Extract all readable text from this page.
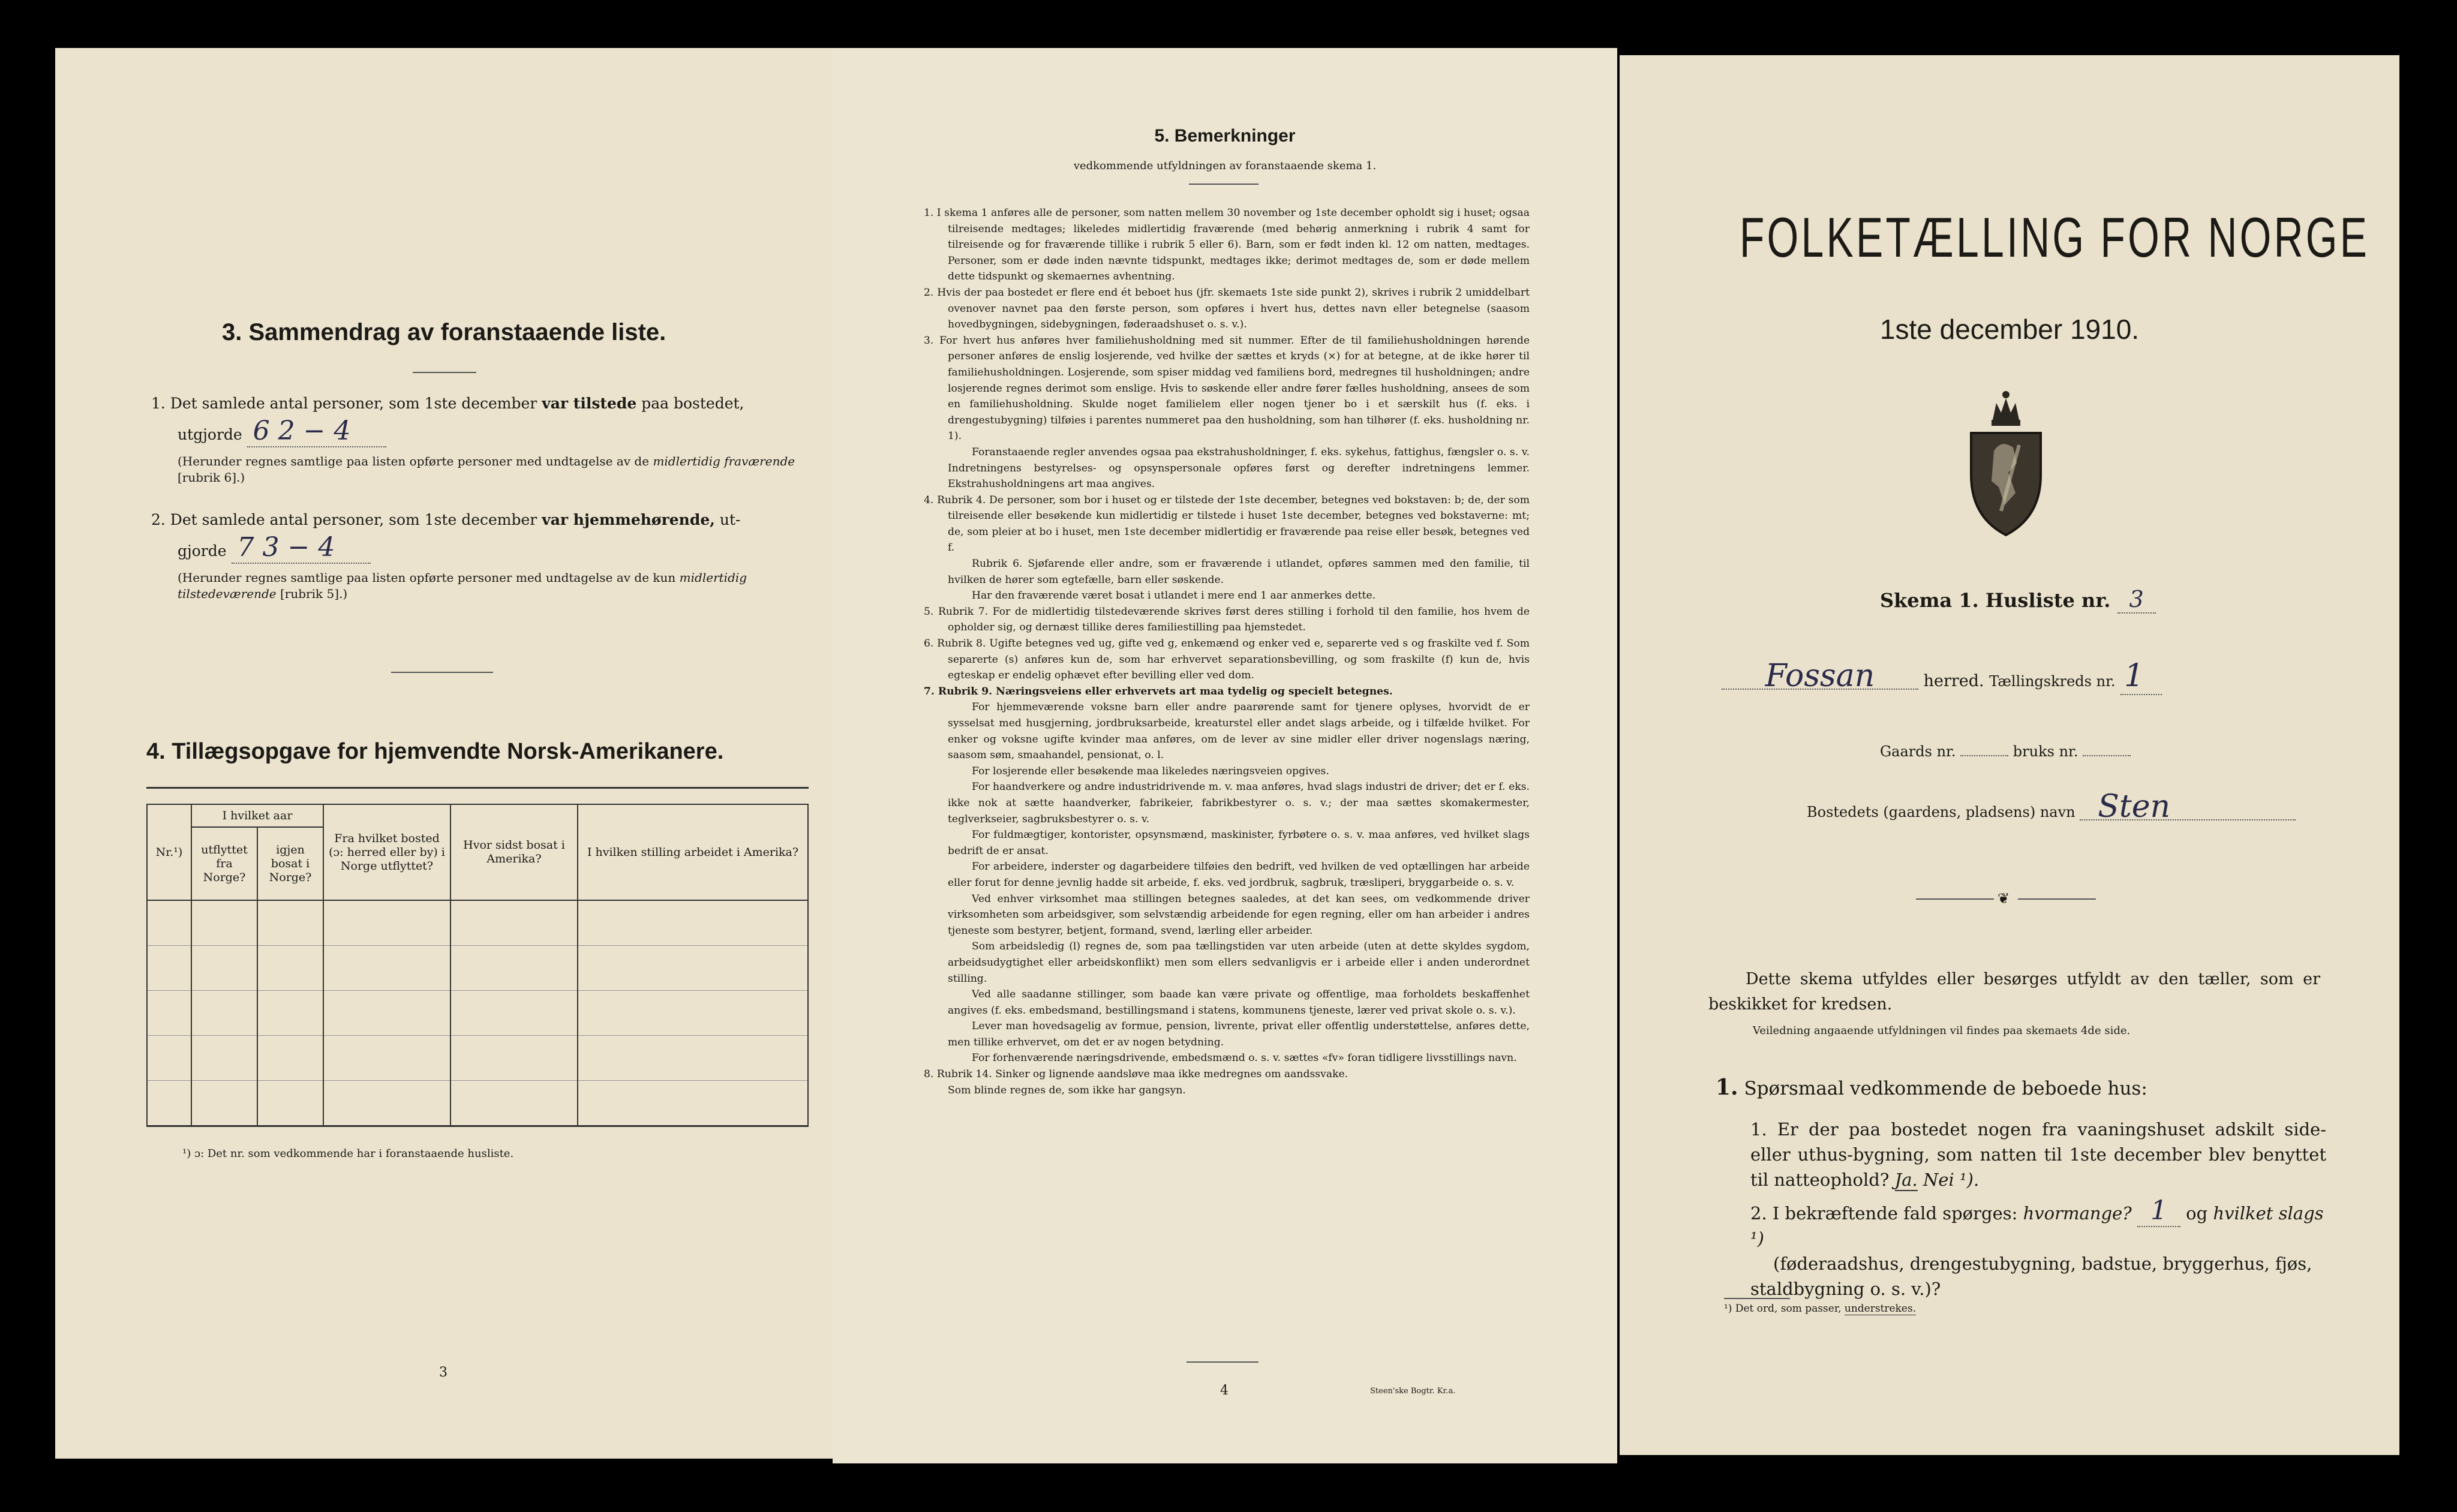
3. Sammendrag av foranstaaende liste.
1. Det samlede antal personer, som 1ste december var tilstede paa bostedet,
utgjorde 6 2 − 4
(Herunder regnes samtlige paa listen opførte personer med undtagelse av de midlertidig fraværende [rubrik 6].)
2. Det samlede antal personer, som 1ste december var hjemmehørende, ut-
gjorde 7 3 − 4
(Herunder regnes samtlige paa listen opførte personer med undtagelse av de kun midlertidig tilstedeværende [rubrik 5].)
4. Tillægsopgave for hjemvendte Norsk-Amerikanere.
Nr.¹)	I hvilket aar		Fra hvilket bosted (ɔ: herred eller by) i Norge utflyttet?	Hvor sidst bosat i Amerika?	I hvilken stilling arbeidet i Amerika?
	utflyttet fra Norge?	igjen bosat i Norge?			

¹) ɔ: Det nr. som vedkommende har i foranstaaende husliste.
3
5. Bemerkninger
vedkommende utfyldningen av foranstaaende skema 1.

1. I skema 1 anføres alle de personer, som natten mellem 30 november og 1ste december opholdt sig i huset; ogsaa tilreisende medtages; likeledes midlertidig fraværende (med behørig anmerkning i rubrik 4 samt for tilreisende og for fraværende tillike i rubrik 5 eller 6). Barn, som er født inden kl. 12 om natten, medtages. Personer, som er døde inden nævnte tidspunkt, medtages ikke; derimot medtages de, som er døde mellem dette tidspunkt og skemaernes avhentning.

2. Hvis der paa bostedet er flere end ét beboet hus (jfr. skemaets 1ste side punkt 2), skrives i rubrik 2 umiddelbart ovenover navnet paa den første person, som opføres i hvert hus, dettes navn eller betegnelse (saasom hovedbygningen, sidebygningen, føderaadshuset o. s. v.).

3. For hvert hus anføres hver familiehusholdning med sit nummer. Efter de til familiehusholdningen hørende personer anføres de enslig losjerende, ved hvilke der sættes et kryds (×) for at betegne, at de ikke hører til familiehusholdningen. Losjerende, som spiser middag ved familiens bord, medregnes til husholdningen; andre losjerende regnes derimot som enslige. Hvis to søskende eller andre fører fælles husholdning, ansees de som en familiehusholdning. Skulde noget familielem eller nogen tjener bo i et særskilt hus (f. eks. i drengestubygning) tilføies i parentes nummeret paa den husholdning, som han tilhører (f. eks. husholdning nr. 1).

Foranstaaende regler anvendes ogsaa paa ekstrahusholdninger, f. eks. sykehus, fattighus, fængsler o. s. v. Indretningens bestyrelses- og opsynspersonale opføres først og derefter indretningens lemmer. Ekstrahusholdningens art maa angives.

4. Rubrik 4. De personer, som bor i huset og er tilstede der 1ste december, betegnes ved bokstaven: b; de, der som tilreisende eller besøkende kun midlertidig er tilstede i huset 1ste december, betegnes ved bokstaverne: mt; de, som pleier at bo i huset, men 1ste december midlertidig er fraværende paa reise eller besøk, betegnes ved f.

Rubrik 6. Sjøfarende eller andre, som er fraværende i utlandet, opføres sammen med den familie, til hvilken de hører som egtefælle, barn eller søskende.

Har den fraværende været bosat i utlandet i mere end 1 aar anmerkes dette.

5. Rubrik 7. For de midlertidig tilstedeværende skrives først deres stilling i forhold til den familie, hos hvem de opholder sig, og dernæst tillike deres familiestilling paa hjemstedet.

6. Rubrik 8. Ugifte betegnes ved ug, gifte ved g, enkemænd og enker ved e, separerte ved s og fraskilte ved f. Som separerte (s) anføres kun de, som har erhvervet separationsbevilling, og som fraskilte (f) kun de, hvis egteskap er endelig ophævet efter bevilling eller ved dom.

7. Rubrik 9. Næringsveiens eller erhvervets art maa tydelig og specielt betegnes.

For hjemmeværende voksne barn eller andre paarørende samt for tjenere oplyses, hvorvidt de er sysselsat med husgjerning, jordbruksarbeide, kreaturstel eller andet slags arbeide, og i tilfælde hvilket. For enker og voksne ugifte kvinder maa anføres, om de lever av sine midler eller driver nogenslags næring, saasom søm, smaahandel, pensionat, o. l.

For losjerende eller besøkende maa likeledes næringsveien opgives.

For haandverkere og andre industridrivende m. v. maa anføres, hvad slags industri de driver; det er f. eks. ikke nok at sætte haandverker, fabrikeier, fabrikbestyrer o. s. v.; der maa sættes skomakermester, teglverkseier, sagbruksbestyrer o. s. v.

For fuldmægtiger, kontorister, opsynsmænd, maskinister, fyrbøtere o. s. v. maa anføres, ved hvilket slags bedrift de er ansat.

For arbeidere, inderster og dagarbeidere tilføies den bedrift, ved hvilken de ved optællingen har arbeide eller forut for denne jevnlig hadde sit arbeide, f. eks. ved jordbruk, sagbruk, træsliperi, bryggarbeide o. s. v.

Ved enhver virksomhet maa stillingen betegnes saaledes, at det kan sees, om vedkommende driver virksomheten som arbeidsgiver, som selvstændig arbeidende for egen regning, eller om han arbeider i andres tjeneste som bestyrer, betjent, formand, svend, lærling eller arbeider.

Som arbeidsledig (l) regnes de, som paa tællingstiden var uten arbeide (uten at dette skyldes sygdom, arbeidsudygtighet eller arbeidskonflikt) men som ellers sedvanligvis er i arbeide eller i anden underordnet stilling.

Ved alle saadanne stillinger, som baade kan være private og offentlige, maa forholdets beskaffenhet angives (f. eks. embedsmand, bestillingsmand i statens, kommunens tjeneste, lærer ved privat skole o. s. v.).

Lever man hovedsagelig av formue, pension, livrente, privat eller offentlig understøttelse, anføres dette, men tillike erhvervet, om det er av nogen betydning.

For forhenværende næringsdrivende, embedsmænd o. s. v. sættes «fv» foran tidligere livsstillings navn.

8. Rubrik 14. Sinker og lignende aandsløve maa ikke medregnes om aandssvake.

Som blinde regnes de, som ikke har gangsyn.

4	Steen'ske Bogtr. Kr.a.
FOLKETÆLLING FOR NORGE
1ste december 1910.
Skema 1. Husliste nr. 3
Fossan	herred. Tællingskreds nr. 1
Gaards nr.	bruks nr.
Bostedets (gaardens, pladsens) navn Sten
❦
Dette skema utfyldes eller besørges utfyldt av den tæller, som er beskikket for kredsen.
Veiledning angaaende utfyldningen vil findes paa skemaets 4de side.
1. Spørsmaal vedkommende de beboede hus:
1. Er der paa bostedet nogen fra vaaningshuset adskilt side- eller uthus-bygning, som natten til 1ste december blev benyttet til natteophold? Ja. Nei ¹).
2. I bekræftende fald spørges: hvormange? 1 og hvilket slags ¹)
(føderaadshus, drengestubygning, badstue, bryggerhus, fjøs, staldbygning o. s. v.)?
¹) Det ord, som passer, understrekes.
